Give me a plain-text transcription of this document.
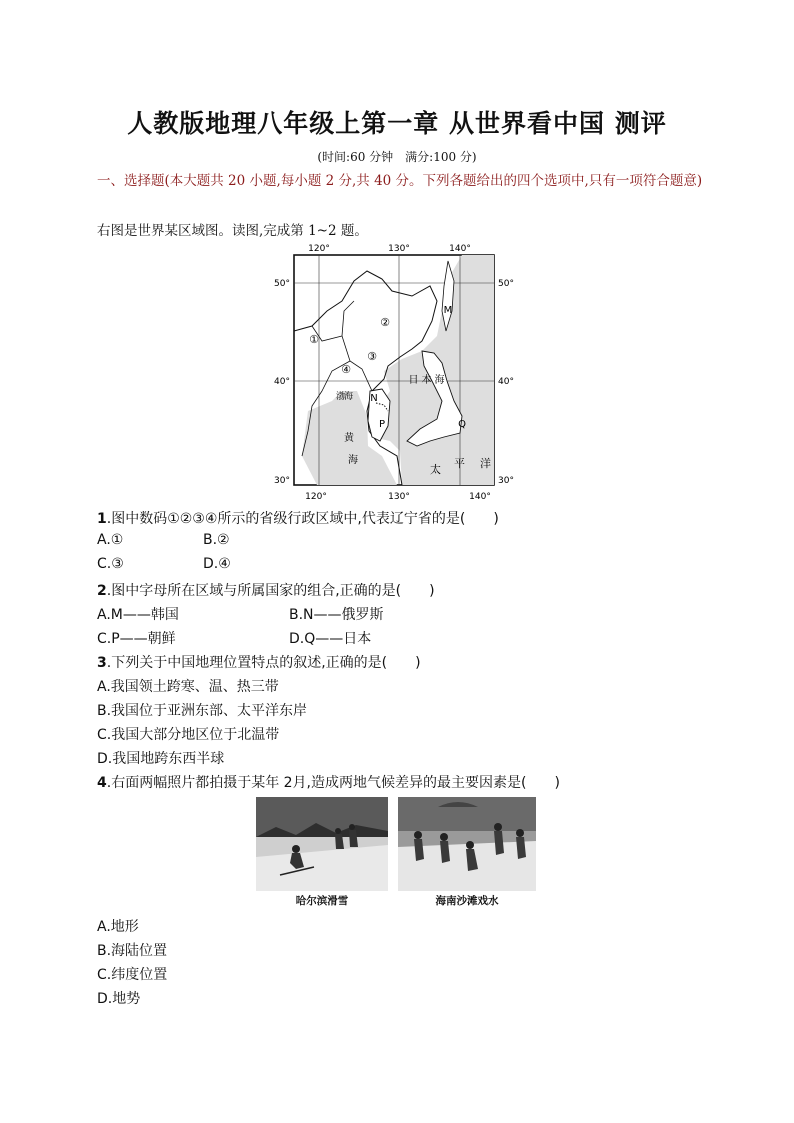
人教版地理八年级上第一章 从世界看中国 测评
(时间:60 分钟　满分:100 分)
一、选择题(本大题共 20 小题,每小题 2 分,共 40 分。下列各题给出的四个选项中,只有一项符合题意)
右图是世界某区域图。读图,完成第 1~2 题。
120°	130°	140°
①
②
③
④
M
N
P	Q
日本海
渤
海
黄
海
太 平 洋
50°
40°
30°
50°
40°
30°
120°	130°	140°
1.图中数码①②③④所示的省级行政区域中,代表辽宁省的是(　　)
A.①	B.②
C.③	D.④
2.图中字母所在区域与所属国家的组合,正确的是(　　)
A.M——韩国	B.N——俄罗斯
C.P——朝鲜	D.Q——日本
3.下列关于中国地理位置特点的叙述,正确的是(　　)
A.我国领土跨寒、温、热三带
B.我国位于亚洲东部、太平洋东岸
C.我国大部分地区位于北温带
D.我国地跨东西半球
4.右面两幅照片都拍摄于某年 2月,造成两地气候差异的最主要因素是(　　)
哈尔滨滑雪	海南沙滩戏水
A.地形
B.海陆位置
C.纬度位置
D.地势
